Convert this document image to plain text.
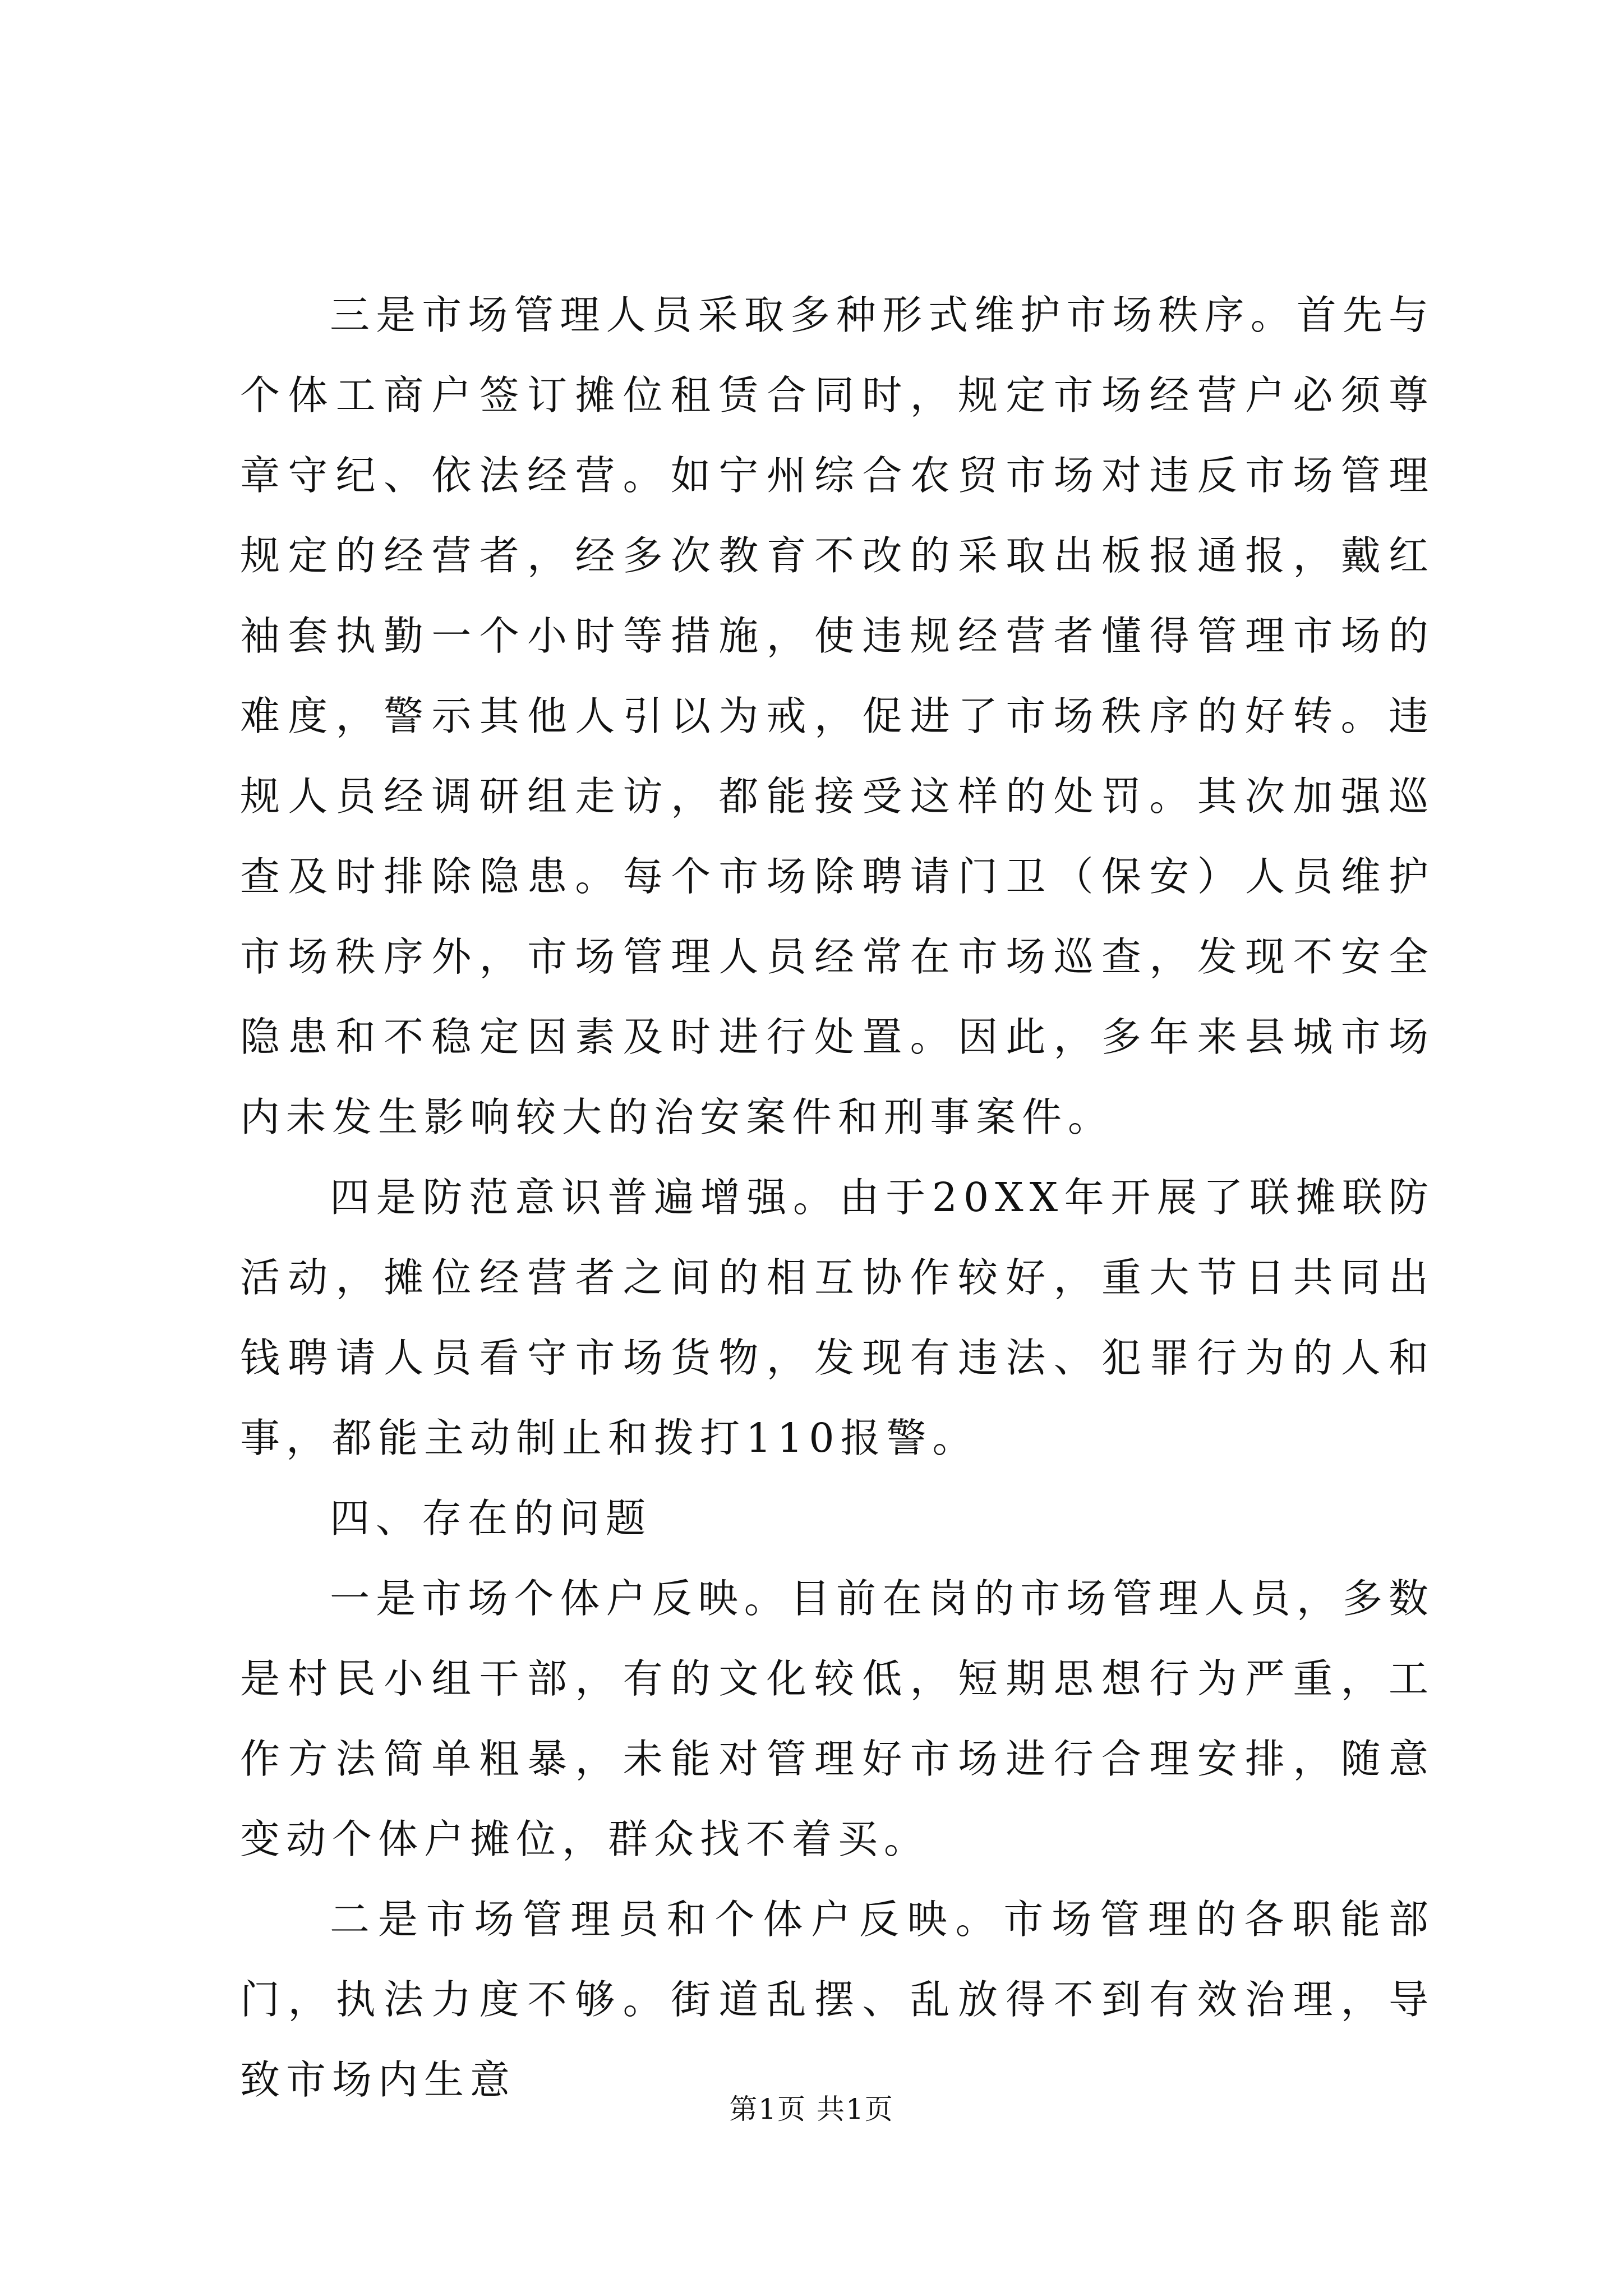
三是市场管理人员采取多种形式维护市场秩序。首先与个体工商户签订摊位租赁合同时，规定市场经营户必须尊章守纪、依法经营。如宁州综合农贸市场对违反市场管理规定的经营者，经多次教育不改的采取出板报通报，戴红袖套执勤一个小时等措施，使违规经营者懂得管理市场的难度，警示其他人引以为戒，促进了市场秩序的好转。违规人员经调研组走访，都能接受这样的处罚。其次加强巡查及时排除隐患。每个市场除聘请门卫（保安）人员维护市场秩序外，市场管理人员经常在市场巡查，发现不安全隐患和不稳定因素及时进行处置。因此，多年来县城市场内未发生影响较大的治安案件和刑事案件。

四是防范意识普遍增强。由于20XX年开展了联摊联防活动，摊位经营者之间的相互协作较好，重大节日共同出钱聘请人员看守市场货物，发现有违法、犯罪行为的人和事，都能主动制止和拨打110报警。

四、存在的问题

一是市场个体户反映。目前在岗的市场管理人员，多数是村民小组干部，有的文化较低，短期思想行为严重，工作方法简单粗暴，未能对管理好市场进行合理安排，随意变动个体户摊位，群众找不着买。

二是市场管理员和个体户反映。市场管理的各职能部门，执法力度不够。街道乱摆、乱放得不到有效治理，导致市场内生意

第1页 共1页
